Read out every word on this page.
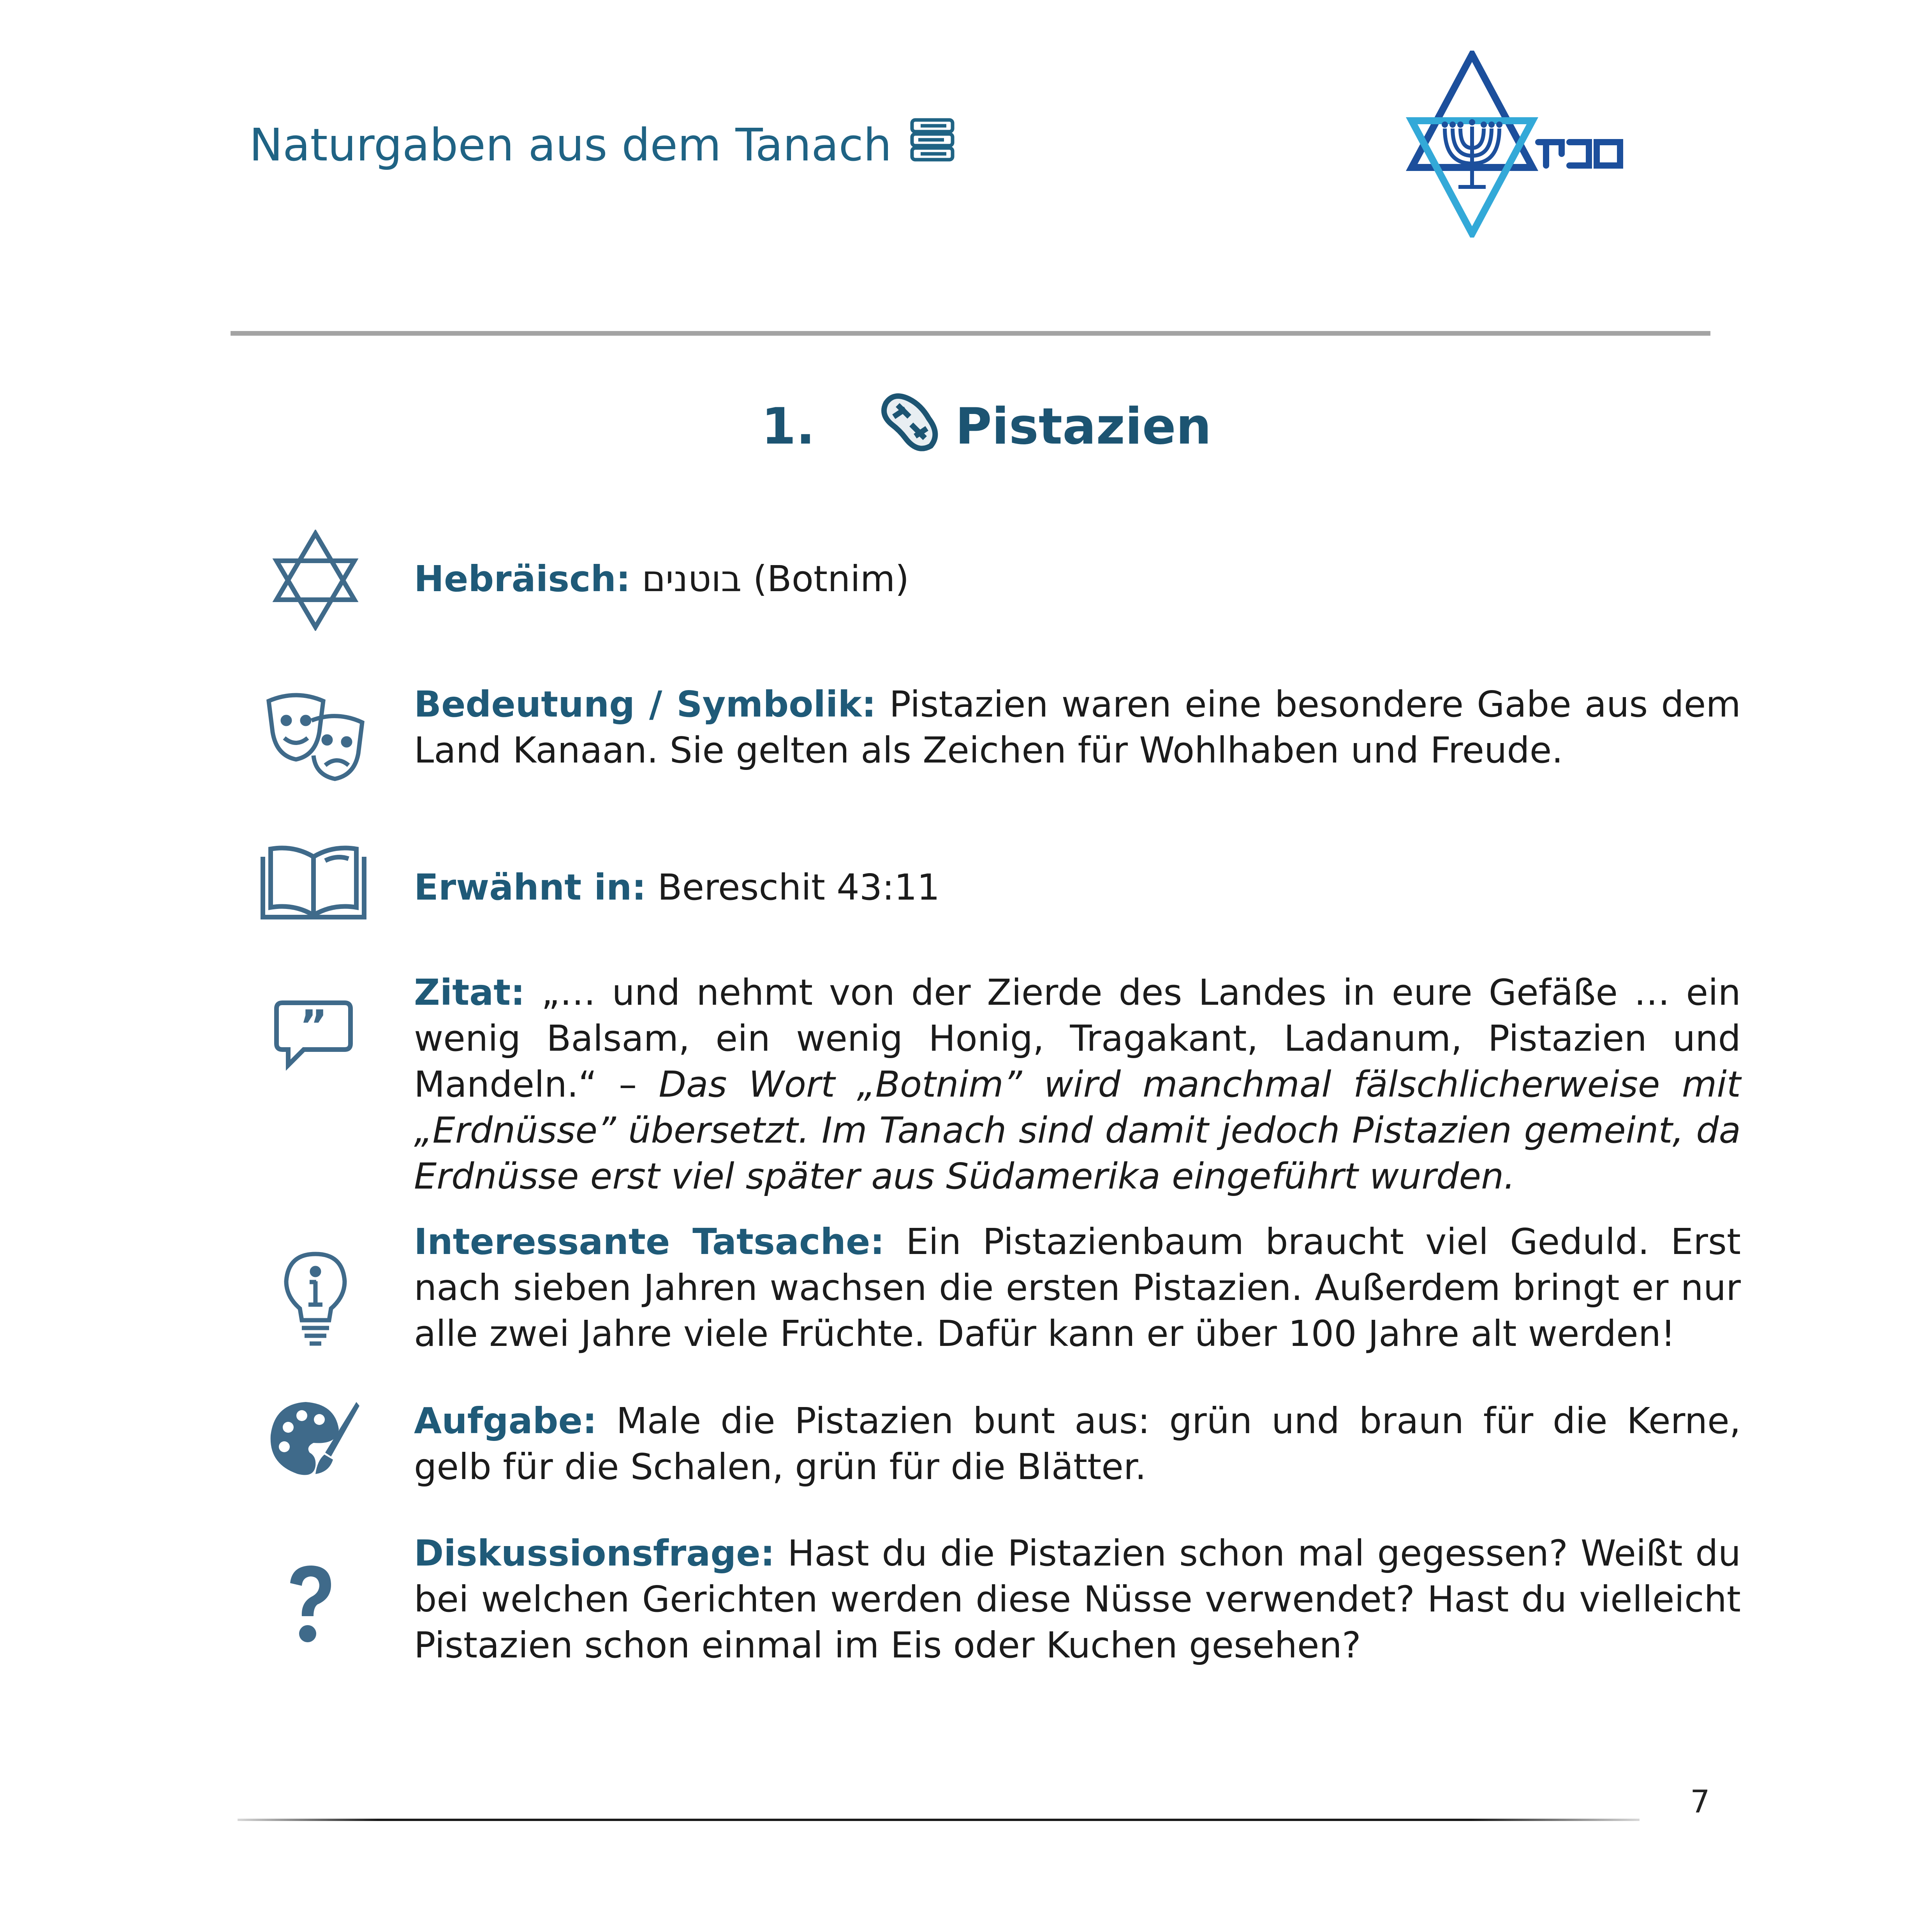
Naturgaben aus dem Tanach
1.	Pistazien
Hebräisch: בוטנים (Botnim)
Bedeutung / Symbolik: Pistazien waren eine besondere Gabe aus dem Land Kanaan. Sie gelten als Zeichen für Wohlhaben und Freude.
Erwähnt in: Bereschit 43:11
”
Zitat: „… und nehmt von der Zierde des Landes in eure Gefäße … ein wenig Balsam, ein wenig Honig, Tragakant, Ladanum, Pistazien und Mandeln.“ – Das Wort „Botnim” wird manchmal fälschlicherweise mit „Erdnüsse” übersetzt. Im Tanach sind damit jedoch Pistazien gemeint, da Erdnüsse erst viel später aus Südamerika eingeführt wurden.
Interessante Tatsache: Ein Pistazienbaum braucht viel Geduld. Erst nach sieben Jahren wachsen die ersten Pistazien. Außerdem bringt er nur alle zwei Jahre viele Früchte. Dafür kann er über 100 Jahre alt werden!
Aufgabe: Male die Pistazien bunt aus: grün und braun für die Kerne, gelb für die Schalen, grün für die Blätter.
Diskussionsfrage: Hast du die Pistazien schon mal gegessen? Weißt du bei welchen Gerichten werden diese Nüsse verwendet? Hast du vielleicht Pistazien schon einmal im Eis oder Kuchen gesehen?
7
